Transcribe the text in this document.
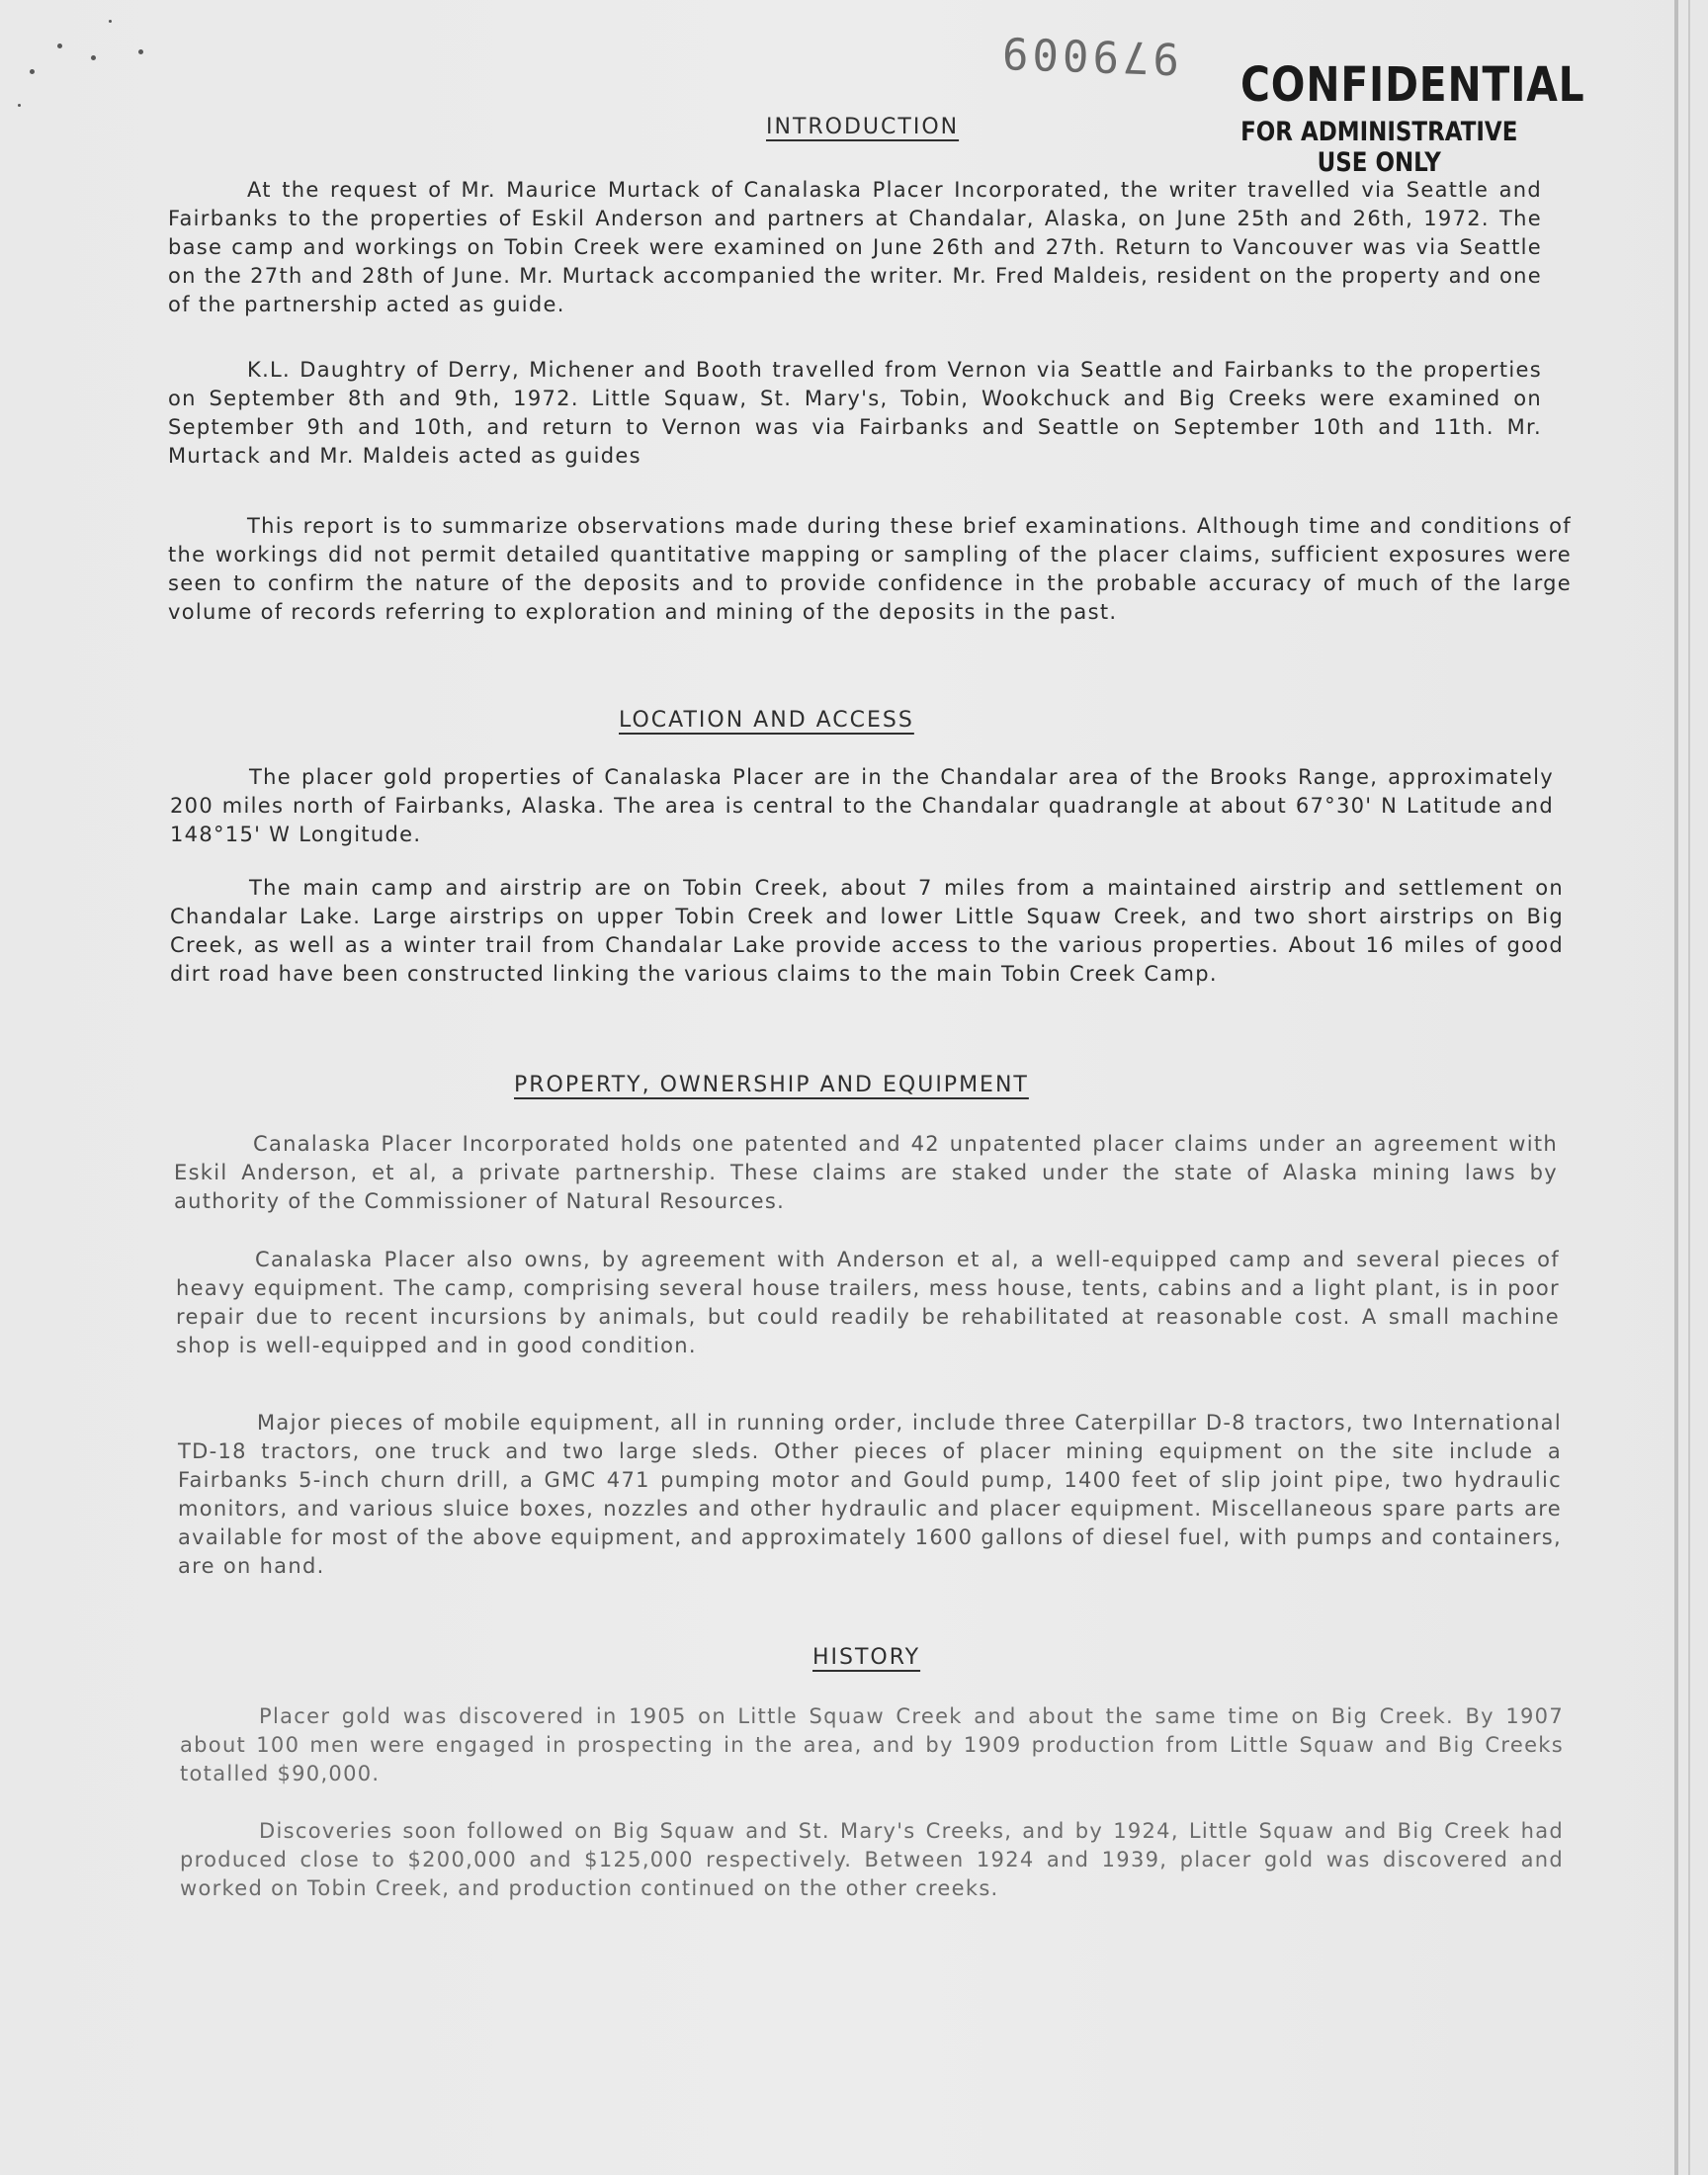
979009
CONFIDENTIAL
FOR ADMINISTRATIVE USE ONLY
INTRODUCTION
At the request of Mr. Maurice Murtack of Canalaska Placer Incorporated, the writer travelled via Seattle and Fairbanks to the properties of Eskil Anderson and partners at Chandalar, Alaska, on June 25th and 26th, 1972. The base camp and workings on Tobin Creek were examined on June 26th and 27th. Return to Vancouver was via Seattle on the 27th and 28th of June. Mr. Murtack accompanied the writer. Mr. Fred Maldeis, resident on the property and one of the partnership acted as guide.
K.L. Daughtry of Derry, Michener and Booth travelled from Vernon via Seattle and Fairbanks to the properties on September 8th and 9th, 1972. Little Squaw, St. Mary's, Tobin, Wookchuck and Big Creeks were examined on September 9th and 10th, and return to Vernon was via Fairbanks and Seattle on September 10th and 11th. Mr. Murtack and Mr. Maldeis acted as guides
This report is to summarize observations made during these brief examinations. Although time and conditions of the workings did not permit detailed quantitative mapping or sampling of the placer claims, sufficient exposures were seen to confirm the nature of the deposits and to provide confidence in the probable accuracy of much of the large volume of records referring to exploration and mining of the deposits in the past.
LOCATION AND ACCESS
The placer gold properties of Canalaska Placer are in the Chandalar area of the Brooks Range, approximately 200 miles north of Fairbanks, Alaska. The area is central to the Chandalar quadrangle at about 67°30' N Latitude and 148°15' W Longitude.
The main camp and airstrip are on Tobin Creek, about 7 miles from a maintained airstrip and settlement on Chandalar Lake. Large airstrips on upper Tobin Creek and lower Little Squaw Creek, and two short airstrips on Big Creek, as well as a winter trail from Chandalar Lake provide access to the various properties. About 16 miles of good dirt road have been constructed linking the various claims to the main Tobin Creek Camp.
PROPERTY, OWNERSHIP AND EQUIPMENT
Canalaska Placer Incorporated holds one patented and 42 unpatented placer claims under an agreement with Eskil Anderson, et al, a private partnership. These claims are staked under the state of Alaska mining laws by authority of the Commissioner of Natural Resources.
Canalaska Placer also owns, by agreement with Anderson et al, a well-equipped camp and several pieces of heavy equipment. The camp, comprising several house trailers, mess house, tents, cabins and a light plant, is in poor repair due to recent incursions by animals, but could readily be rehabilitated at reasonable cost. A small machine shop is well-equipped and in good condition.
Major pieces of mobile equipment, all in running order, include three Caterpillar D-8 tractors, two International TD-18 tractors, one truck and two large sleds. Other pieces of placer mining equipment on the site include a Fairbanks 5-inch churn drill, a GMC 471 pumping motor and Gould pump, 1400 feet of slip joint pipe, two hydraulic monitors, and various sluice boxes, nozzles and other hydraulic and placer equipment. Miscellaneous spare parts are available for most of the above equipment, and approximately 1600 gallons of diesel fuel, with pumps and containers, are on hand.
HISTORY
Placer gold was discovered in 1905 on Little Squaw Creek and about the same time on Big Creek. By 1907 about 100 men were engaged in prospecting in the area, and by 1909 production from Little Squaw and Big Creeks totalled $90,000.
Discoveries soon followed on Big Squaw and St. Mary's Creeks, and by 1924, Little Squaw and Big Creek had produced close to $200,000 and $125,000 respectively. Between 1924 and 1939, placer gold was discovered and worked on Tobin Creek, and production continued on the other creeks.
